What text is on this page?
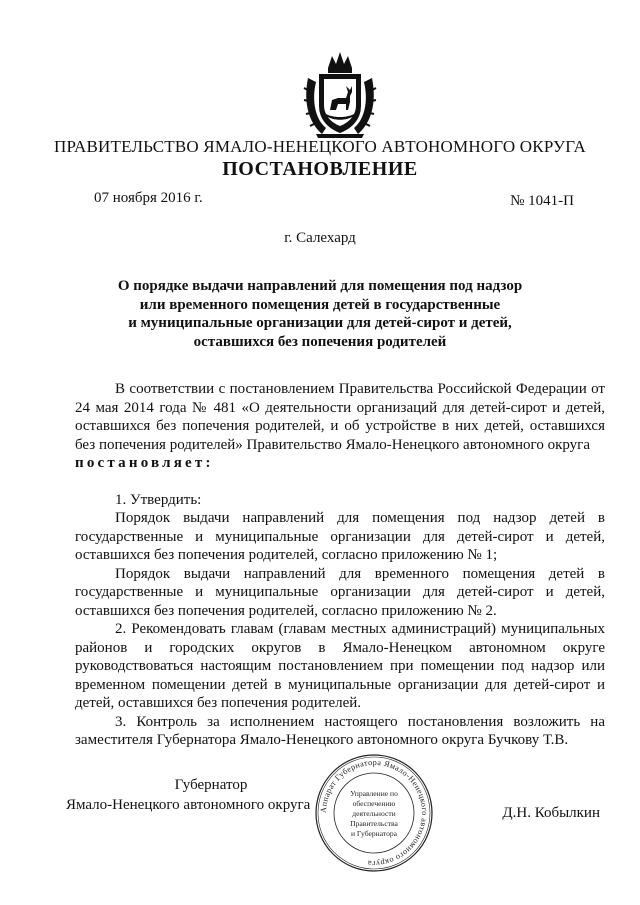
ПРАВИТЕЛЬСТВО ЯМАЛО-НЕНЕЦКОГО АВТОНОМНОГО ОКРУГА
ПОСТАНОВЛЕНИЕ
07 ноября 2016 г.	№ 1041-П
г. Салехард
О порядке выдачи направлений для помещения под надзор
или временного помещения детей в государственные
и муниципальные организации для детей-сирот и детей,
оставшихся без попечения родителей

В соответствии с постановлением Правительства Российской Федерации от 24 мая 2014 года № 481 «О деятельности организаций для детей-сирот и детей, оставшихся без попечения родителей, и об устройстве в них детей, оставшихся без попечения родителей» Правительство Ямало-Ненецкого автономного округа

постановляет:

1. Утвердить:

Порядок выдачи направлений для помещения под надзор детей в государственные и муниципальные организации для детей-сирот и детей, оставшихся без попечения родителей, согласно приложению № 1;

Порядок выдачи направлений для временного помещения детей в государственные и муниципальные организации для детей-сирот и детей, оставшихся без попечения родителей, согласно приложению № 2.

2. Рекомендовать главам (главам местных администраций) муниципальных районов и городских округов в Ямало-Ненецком автономном округе руководствоваться настоящим постановлением при помещении под надзор или временном помещении детей в муниципальные организации для детей-сирот и детей, оставшихся без попечения родителей.

3. Контроль за исполнением настоящего постановления возложить на заместителя Губернатора Ямало-Ненецкого автономного округа Бучкову Т.В.

Губернатор
Ямало-Ненецкого автономного округа	Д.Н. Кобылкин
Аппарат Губернатора Ямало-Ненецкого автономного округа
Управление по
обеспечению
деятельности
Правительства
и Губернатора
